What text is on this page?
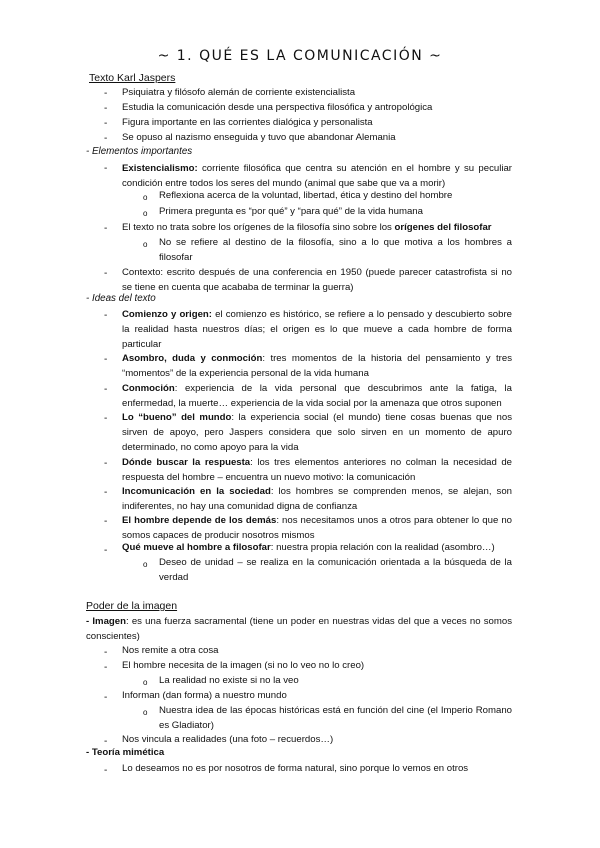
~ 1. QUÉ ES LA COMUNICACIÓN ~
Texto Karl Jaspers
- Psiquiatra y filósofo alemán de corriente existencialista
- Estudia la comunicación desde una perspectiva filosófica y antropológica
- Figura importante en las corrientes dialógica y personalista
- Se opuso al nazismo enseguida y tuvo que abandonar Alemania
- Elementos importantes
- Existencialismo: corriente filosófica que centra su atención en el hombre y su peculiar condición entre todos los seres del mundo (animal que sabe que va a morir)
o Reflexiona acerca de la voluntad, libertad, ética y destino del hombre
o Primera pregunta es “por qué” y “para qué” de la vida humana
- El texto no trata sobre los orígenes de la filosofía sino sobre los orígenes del filosofar
o No se refiere al destino de la filosofía, sino a lo que motiva a los hombres a filosofar
- Contexto: escrito después de una conferencia en 1950 (puede parecer catastrofista si no se tiene en cuenta que acababa de terminar la guerra)
- Ideas del texto
- Comienzo y origen: el comienzo es histórico, se refiere a lo pensado y descubierto sobre la realidad hasta nuestros días; el origen es lo que mueve a cada hombre de forma particular
- Asombro, duda y conmoción: tres momentos de la historia del pensamiento y tres “momentos” de la experiencia personal de la vida humana
- Conmoción: experiencia de la vida personal que descubrimos ante la fatiga, la enfermedad, la muerte… experiencia de la vida social por la amenaza que otros suponen
- Lo “bueno” del mundo: la experiencia social (el mundo) tiene cosas buenas que nos sirven de apoyo, pero Jaspers considera que solo sirven en un momento de apuro determinado, no como apoyo para la vida
- Dónde buscar la respuesta: los tres elementos anteriores no colman la necesidad de respuesta del hombre – encuentra un nuevo motivo: la comunicación
- Incomunicación en la sociedad: los hombres se comprenden menos, se alejan, son indiferentes, no hay una comunidad digna de confianza
- El hombre depende de los demás: nos necesitamos unos a otros para obtener lo que no somos capaces de producir nosotros mismos
- Qué mueve al hombre a filosofar: nuestra propia relación con la realidad (asombro…)
o Deseo de unidad – se realiza en la comunicación orientada a la búsqueda de la verdad
Poder de la imagen
- Imagen: es una fuerza sacramental (tiene un poder en nuestras vidas del que a veces no somos conscientes)
- Nos remite a otra cosa
- El hombre necesita de la imagen (si no lo veo no lo creo)
o La realidad no existe si no la veo
- Informan (dan forma) a nuestro mundo
o Nuestra idea de las épocas históricas está en función del cine (el Imperio Romano es Gladiator)
- Nos vincula a realidades (una foto – recuerdos…)
- Teoría mimética
- Lo deseamos no es por nosotros de forma natural, sino porque lo vemos en otros
